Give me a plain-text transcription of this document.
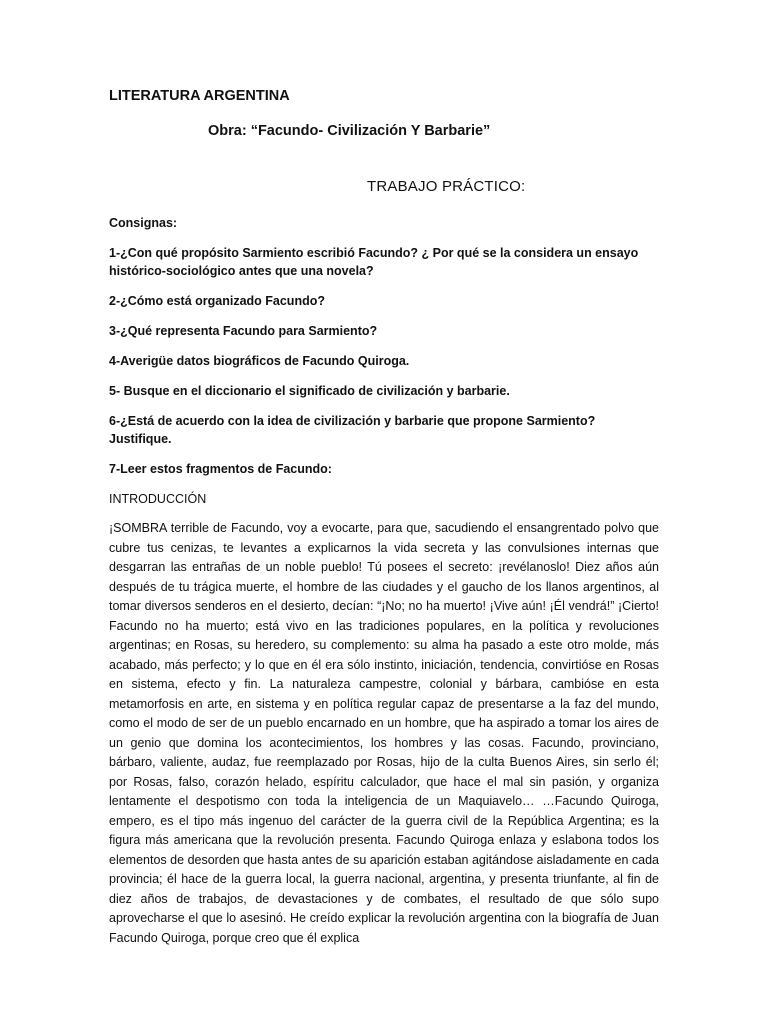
LITERATURA ARGENTINA
Obra: “Facundo- Civilización Y Barbarie”
TRABAJO PRÁCTICO:

Consignas:

1-¿Con qué propósito Sarmiento escribió Facundo? ¿ Por qué se la considera un ensayo histórico-sociológico antes que una novela?

2-¿Cómo está organizado Facundo?

3-¿Qué representa Facundo para Sarmiento?

4-Averigüe datos biográficos de Facundo Quiroga.

5- Busque en el diccionario el significado de civilización y barbarie.

6-¿Está de acuerdo con la idea de civilización y barbarie que propone Sarmiento? Justifique.

7-Leer estos fragmentos de Facundo:

INTRODUCCIÓN

¡SOMBRA terrible de Facundo, voy a evocarte, para que, sacudiendo el ensangrentado polvo que cubre tus cenizas, te levantes a explicarnos la vida secreta y las convulsiones internas que desgarran las entrañas de un noble pueblo! Tú posees el secreto: ¡revélanoslo! Diez años aún después de tu trágica muerte, el hombre de las ciudades y el gaucho de los llanos argentinos, al tomar diversos senderos en el desierto, decían: “¡No; no ha muerto! ¡Vive aún! ¡Él vendrá!” ¡Cierto! Facundo no ha muerto; está vivo en las tradiciones populares, en la política y revoluciones argentinas; en Rosas, su heredero, su complemento: su alma ha pasado a este otro molde, más acabado, más perfecto; y lo que en él era sólo instinto, iniciación, tendencia, convirtióse en Rosas en sistema, efecto y fin. La naturaleza campestre, colonial y bárbara, cambióse en esta metamorfosis en arte, en sistema y en política regular capaz de presentarse a la faz del mundo, como el modo de ser de un pueblo encarnado en un hombre, que ha aspirado a tomar los aires de un genio que domina los acontecimientos, los hombres y las cosas. Facundo, provinciano, bárbaro, valiente, audaz, fue reemplazado por Rosas, hijo de la culta Buenos Aires, sin serlo él; por Rosas, falso, corazón helado, espíritu calculador, que hace el mal sin pasión, y organiza lentamente el despotismo con toda la inteligencia de un Maquiavelo… …Facundo Quiroga, empero, es el tipo más ingenuo del carácter de la guerra civil de la República Argentina; es la figura más americana que la revolución presenta. Facundo Quiroga enlaza y eslabona todos los elementos de desorden que hasta antes de su aparición estaban agitándose aisladamente en cada provincia; él hace de la guerra local, la guerra nacional, argentina, y presenta triunfante, al fin de diez años de trabajos, de devastaciones y de combates, el resultado de que sólo supo aprovecharse el que lo asesinó. He creído explicar la revolución argentina con la biografía de Juan Facundo Quiroga, porque creo que él explica
